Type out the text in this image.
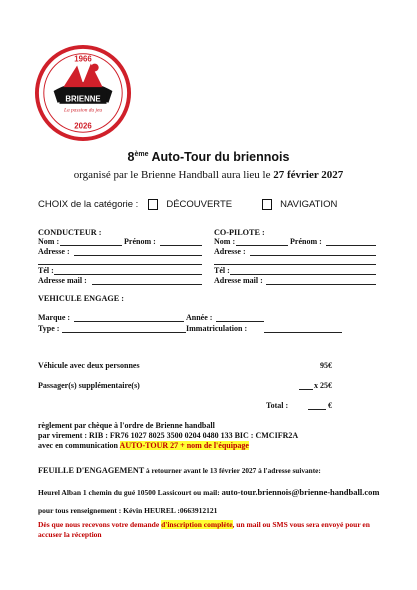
BRIENNE
1966
La passion du jeu
2026
8ème Auto-Tour du briennois
organisé par le Brienne Handball aura lieu le 27 février 2027
CHOIX de la catégorie :	DÉCOUVERTE	NAVIGATION
CONDUCTEUR :
Nom :	Prénom :
Adresse :
Tél :
Adresse mail :
CO-PILOTE :
Nom :	Prénom :
Adresse :
Tél :
Adresse mail :
VEHICULE ENGAGE :
Marque :	Année :
Type :	Immatriculation :
Véhicule avec deux personnes	95€
Passager(s) supplémentaire(s)	x 25€
Total :	€
règlement par chèque à l'ordre de Brienne handball
par virement : RIB : FR76 1027 8025 3500 0204 0480 133 BIC : CMCIFR2A
avec en communication AUTO-TOUR 27 + nom de l'équipage
FEUILLE D'ENGAGEMENT à retourner avant le 13 février 2027 à l'adresse suivante:
Heurel Alban 1 chemin du gué 10500 Lassicourt ou mail: auto-tour.briennois@brienne-handball.com
pour tous renseignement : Kévin HEUREL :0663912121
Dès que nous recevons votre demande d'inscription complète, un mail ou SMS vous sera envoyé pour en accuser la réception
